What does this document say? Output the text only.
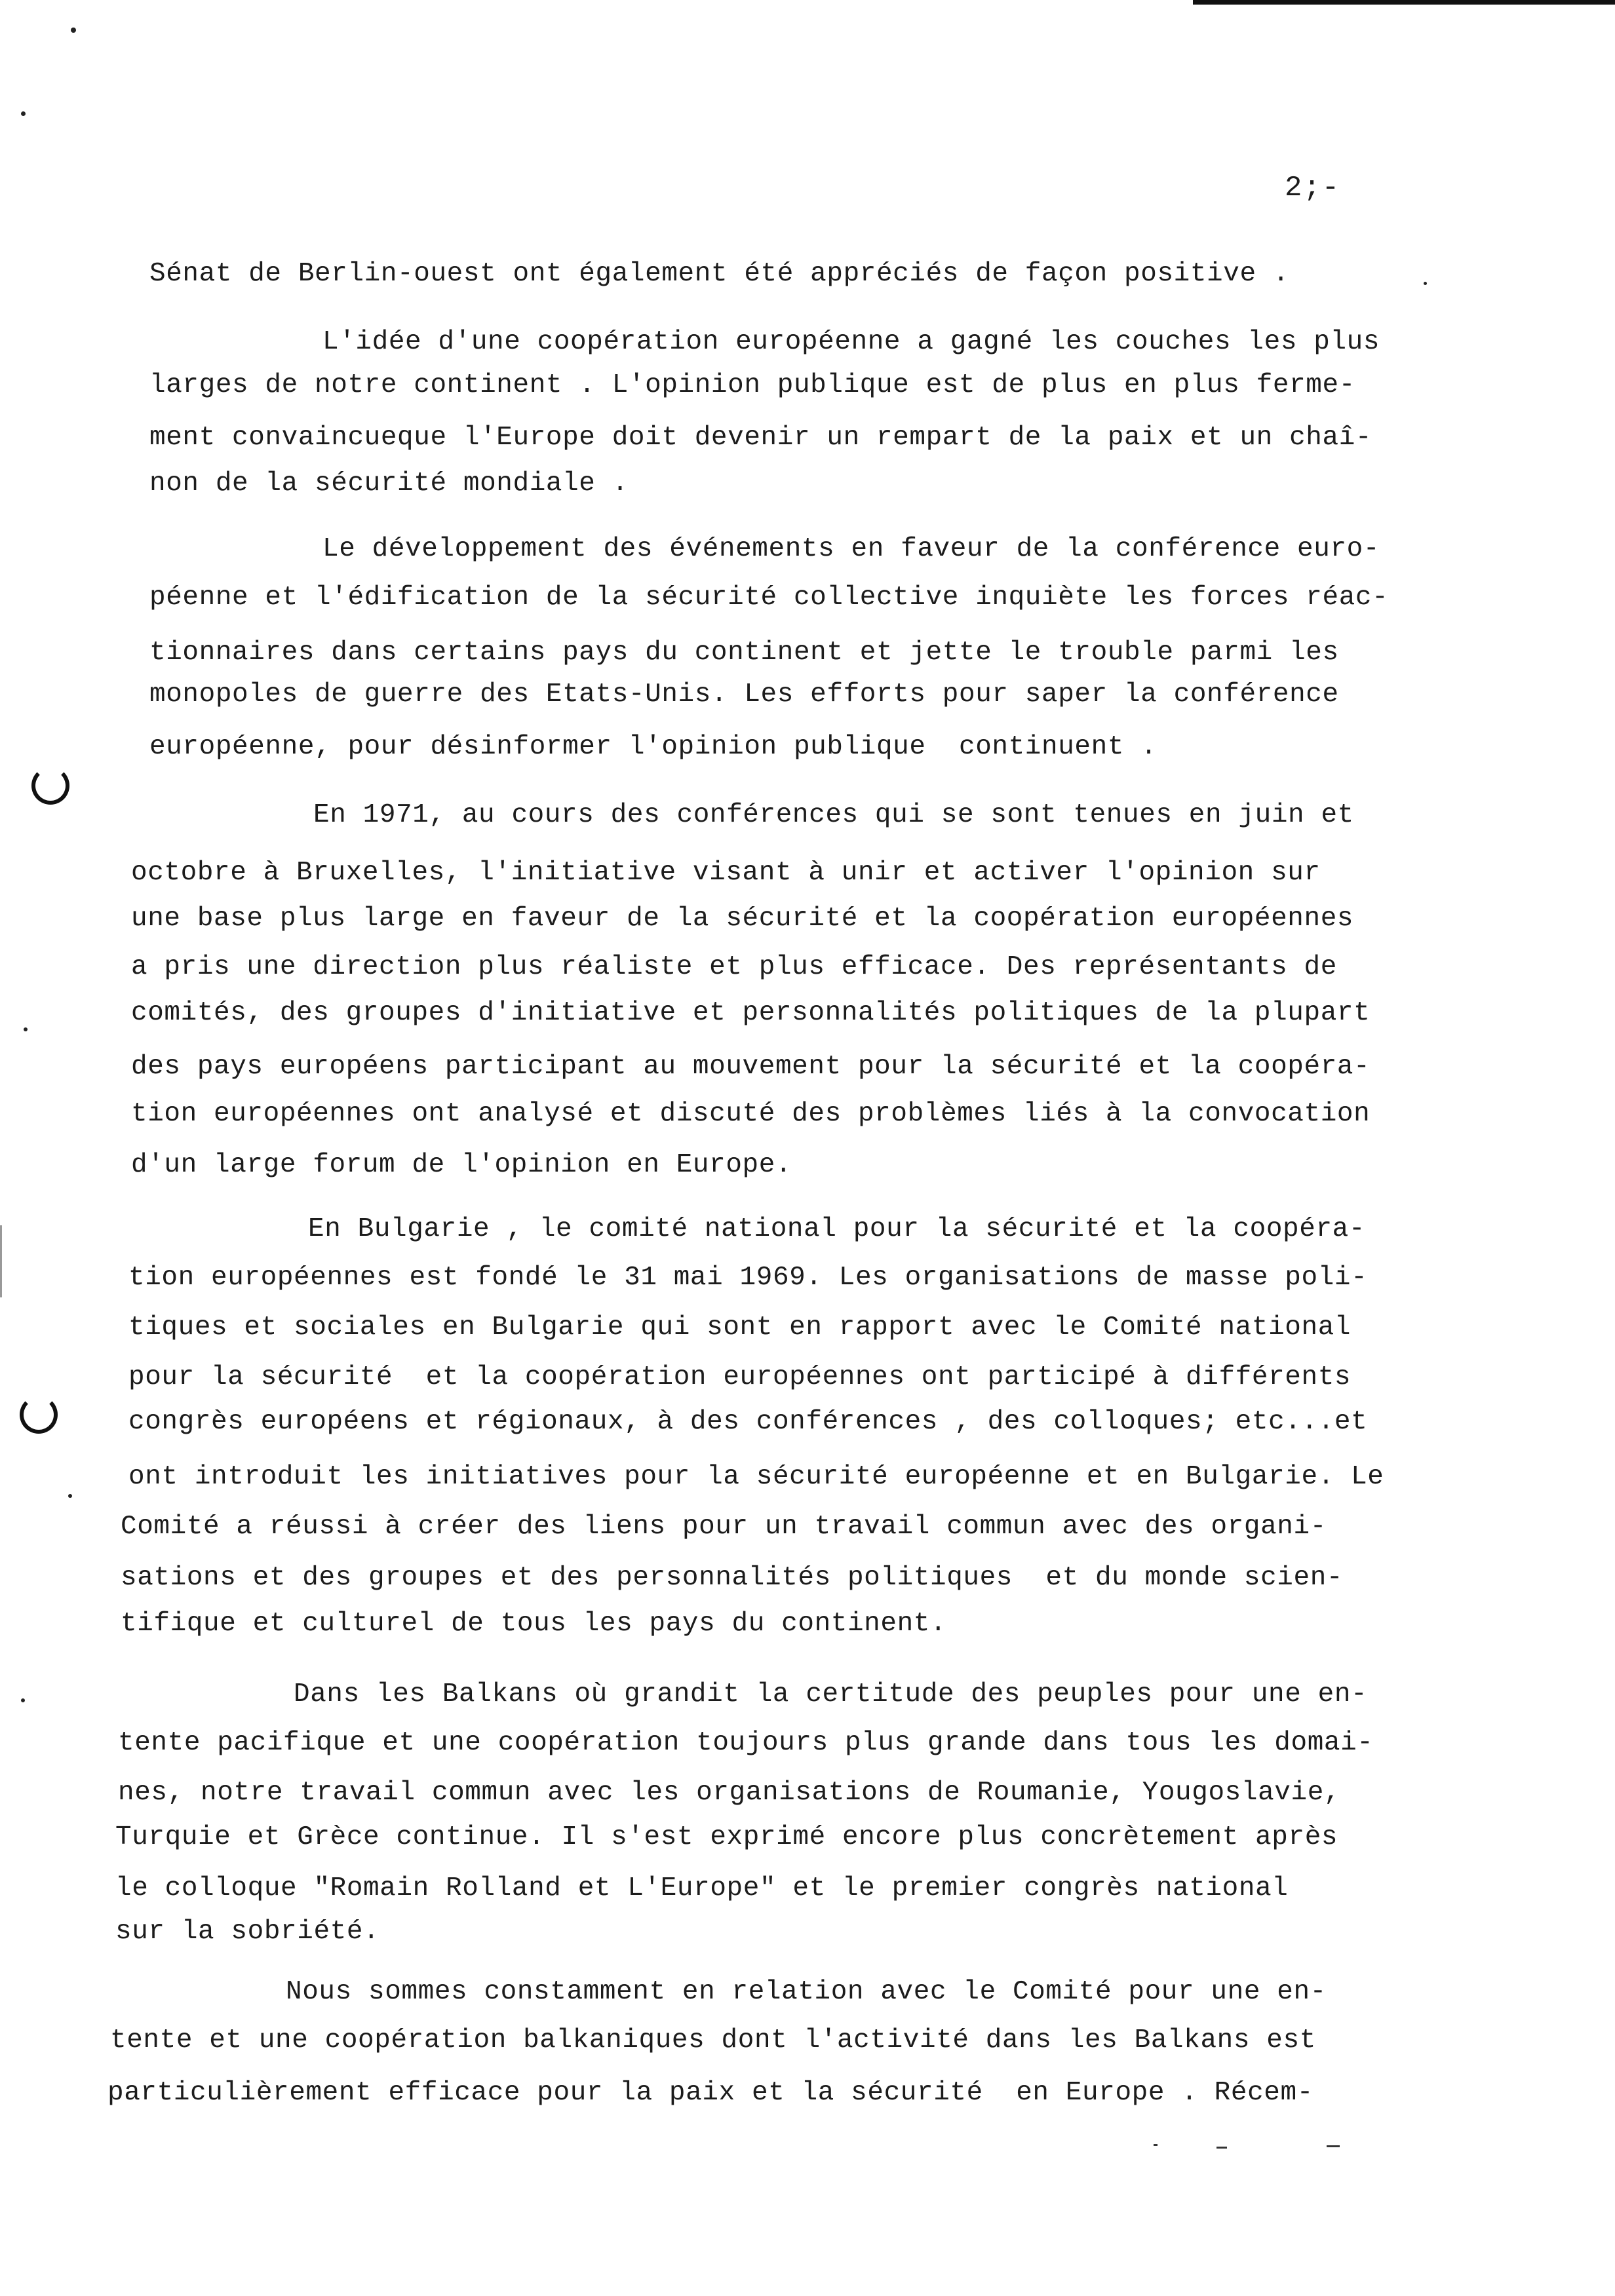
2;-
Sénat de Berlin-ouest ont également été appréciés de façon positive .
L'idée d'une coopération européenne a gagné les couches les plus
larges de notre continent . L'opinion publique est de plus en plus ferme-
ment convaincueque l'Europe doit devenir un rempart de la paix et un chaî-
non de la sécurité mondiale .
Le développement des événements en faveur de la conférence euro-
péenne et l'édification de la sécurité collective inquiète les forces réac-
tionnaires dans certains pays du continent et jette le trouble parmi les
monopoles de guerre des Etats-Unis. Les efforts pour saper la conférence
européenne, pour désinformer l'opinion publique  continuent .
En 1971, au cours des conférences qui se sont tenues en juin et
octobre à Bruxelles, l'initiative visant à unir et activer l'opinion sur
une base plus large en faveur de la sécurité et la coopération européennes
a pris une direction plus réaliste et plus efficace. Des représentants de
comités, des groupes d'initiative et personnalités politiques de la plupart
des pays européens participant au mouvement pour la sécurité et la coopéra-
tion européennes ont analysé et discuté des problèmes liés à la convocation
d'un large forum de l'opinion en Europe.
En Bulgarie , le comité national pour la sécurité et la coopéra-
tion européennes est fondé le 31 mai 1969. Les organisations de masse poli-
tiques et sociales en Bulgarie qui sont en rapport avec le Comité national
pour la sécurité  et la coopération européennes ont participé à différents
congrès européens et régionaux, à des conférences , des colloques; etc...et
ont introduit les initiatives pour la sécurité européenne et en Bulgarie. Le
Comité a réussi à créer des liens pour un travail commun avec des organi-
sations et des groupes et des personnalités politiques  et du monde scien-
tifique et culturel de tous les pays du continent.
Dans les Balkans où grandit la certitude des peuples pour une en-
tente pacifique et une coopération toujours plus grande dans tous les domai-
nes, notre travail commun avec les organisations de Roumanie, Yougoslavie,
Turquie et Grèce continue. Il s'est exprimé encore plus concrètement après
le colloque "Romain Rolland et L'Europe" et le premier congrès national
sur la sobriété.
Nous sommes constamment en relation avec le Comité pour une en-
tente et une coopération balkaniques dont l'activité dans les Balkans est
particulièrement efficace pour la paix et la sécurité  en Europe . Récem-
